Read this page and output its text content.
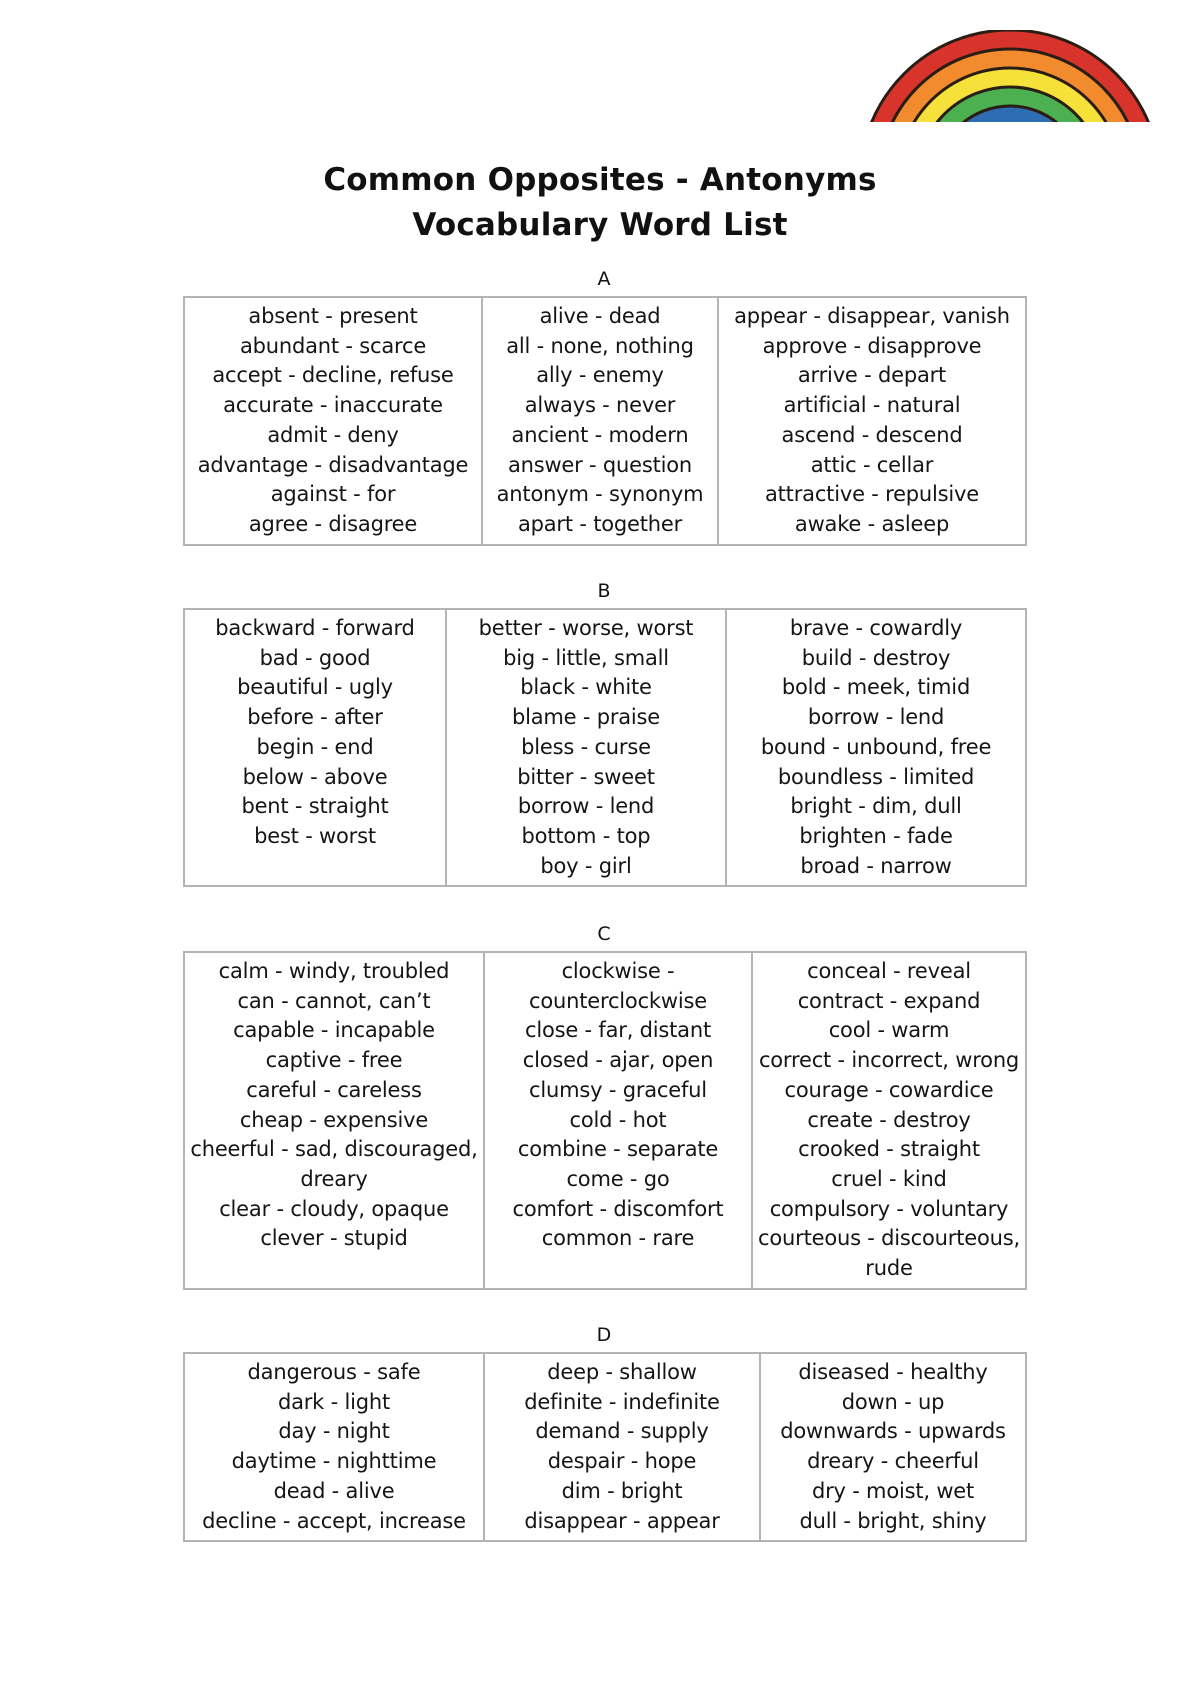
Common Opposites - Antonyms
Vocabulary Word List
A
absent - present
abundant - scarce
accept - decline, refuse
accurate - inaccurate
admit - deny
advantage - disadvantage
against - for
agree - disagree

alive - dead
all - none, nothing
ally - enemy
always - never
ancient - modern
answer - question
antonym - synonym
apart - together

appear - disappear, vanish
approve - disapprove
arrive - depart
artificial - natural
ascend - descend
attic - cellar
attractive - repulsive
awake - asleep
B
backward - forward
bad - good
beautiful - ugly
before - after
begin - end
below - above
bent - straight
best - worst

better - worse, worst
big - little, small
black - white
blame - praise
bless - curse
bitter - sweet
borrow - lend
bottom - top
boy - girl

brave - cowardly
build - destroy
bold - meek, timid
borrow - lend
bound - unbound, free
boundless - limited
bright - dim, dull
brighten - fade
broad - narrow
C
calm - windy, troubled
can - cannot, can’t
capable - incapable
captive - free
careful - careless
cheap - expensive
cheerful - sad, discouraged,
dreary
clear - cloudy, opaque
clever - stupid

clockwise -
counterclockwise
close - far, distant
closed - ajar, open
clumsy - graceful
cold - hot
combine - separate
come - go
comfort - discomfort
common - rare

conceal - reveal
contract - expand
cool - warm
correct - incorrect, wrong
courage - cowardice
create - destroy
crooked - straight
cruel - kind
compulsory - voluntary
courteous - discourteous,
rude
D
dangerous - safe
dark - light
day - night
daytime - nighttime
dead - alive
decline - accept, increase

deep - shallow
definite - indefinite
demand - supply
despair - hope
dim - bright
disappear - appear

diseased - healthy
down - up
downwards - upwards
dreary - cheerful
dry - moist, wet
dull - bright, shiny
